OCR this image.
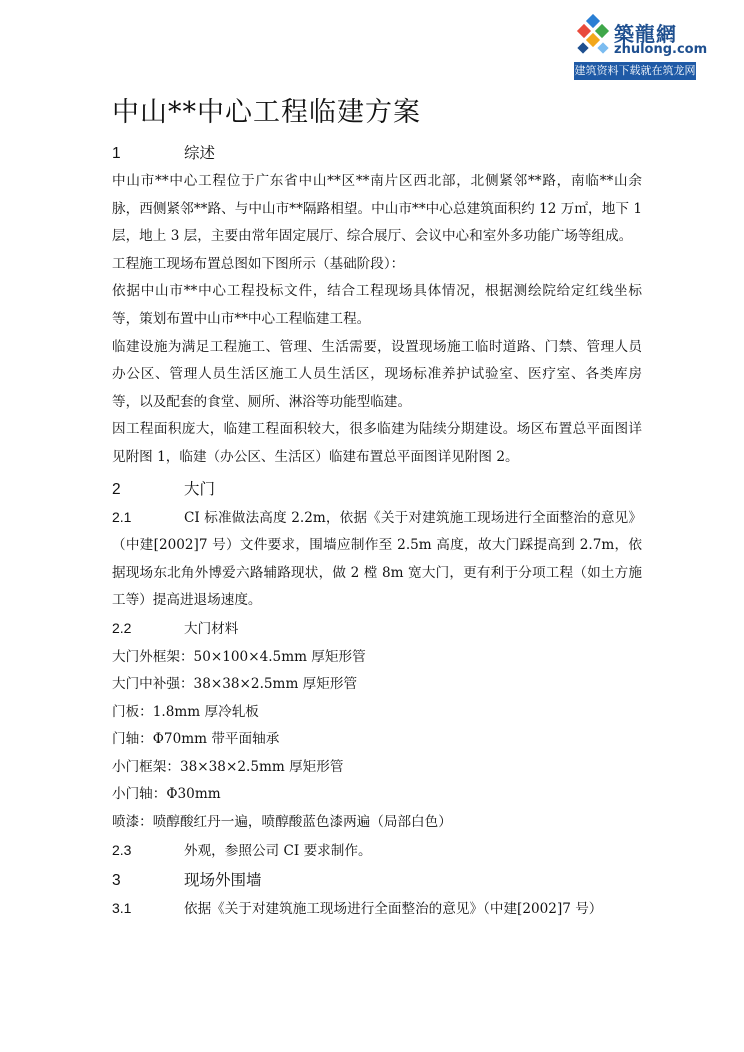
築龍網
zhulong.com
建筑资料下载就在筑龙网
中山**中心工程临建方案
1	综述

中山市**中心工程位于广东省中山**区**南片区西北部，北侧紧邻**路，南临**山余脉，西侧紧邻**路、与中山市**隔路相望。中山市**中心总建筑面积约 12 万㎡，地下 1 层，地上 3 层，主要由常年固定展厅、综合展厅、会议中心和室外多功能广场等组成。

工程施工现场布置总图如下图所示（基础阶段）：

依据中山市**中心工程投标文件，结合工程现场具体情况，根据测绘院给定红线坐标等，策划布置中山市**中心工程临建工程。

临建设施为满足工程施工、管理、生活需要，设置现场施工临时道路、门禁、管理人员办公区、管理人员生活区施工人员生活区，现场标准养护试验室、医疗室、各类库房等，以及配套的食堂、厕所、淋浴等功能型临建。

因工程面积庞大，临建工程面积较大，很多临建为陆续分期建设。场区布置总平面图详见附图 1，临建（办公区、生活区）临建布置总平面图详见附图 2。

2	大门

2.1	CI 标准做法高度 2.2m，依据《关于对建筑施工现场进行全面整治的意见》（中建[2002]7 号）文件要求，围墙应制作至 2.5m 高度，故大门踩提高到 2.7m，依据现场东北角外博爱六路辅路现状，做 2 樘 8m 宽大门，更有利于分项工程（如土方施工等）提高进退场速度。

2.2	大门材料
大门外框架：50×100×4.5mm 厚矩形管
大门中补强：38×38×2.5mm 厚矩形管
门板：1.8mm 厚冷轧板
门轴：Φ70mm 带平面轴承
小门框架：38×38×2.5mm 厚矩形管
小门轴：Φ30mm
喷漆：喷醇酸红丹一遍，喷醇酸蓝色漆两遍（局部白色）
2.3	外观，参照公司 CI 要求制作。
3	现场外围墙
3.1	依据《关于对建筑施工现场进行全面整治的意见》（中建[2002]7 号）
